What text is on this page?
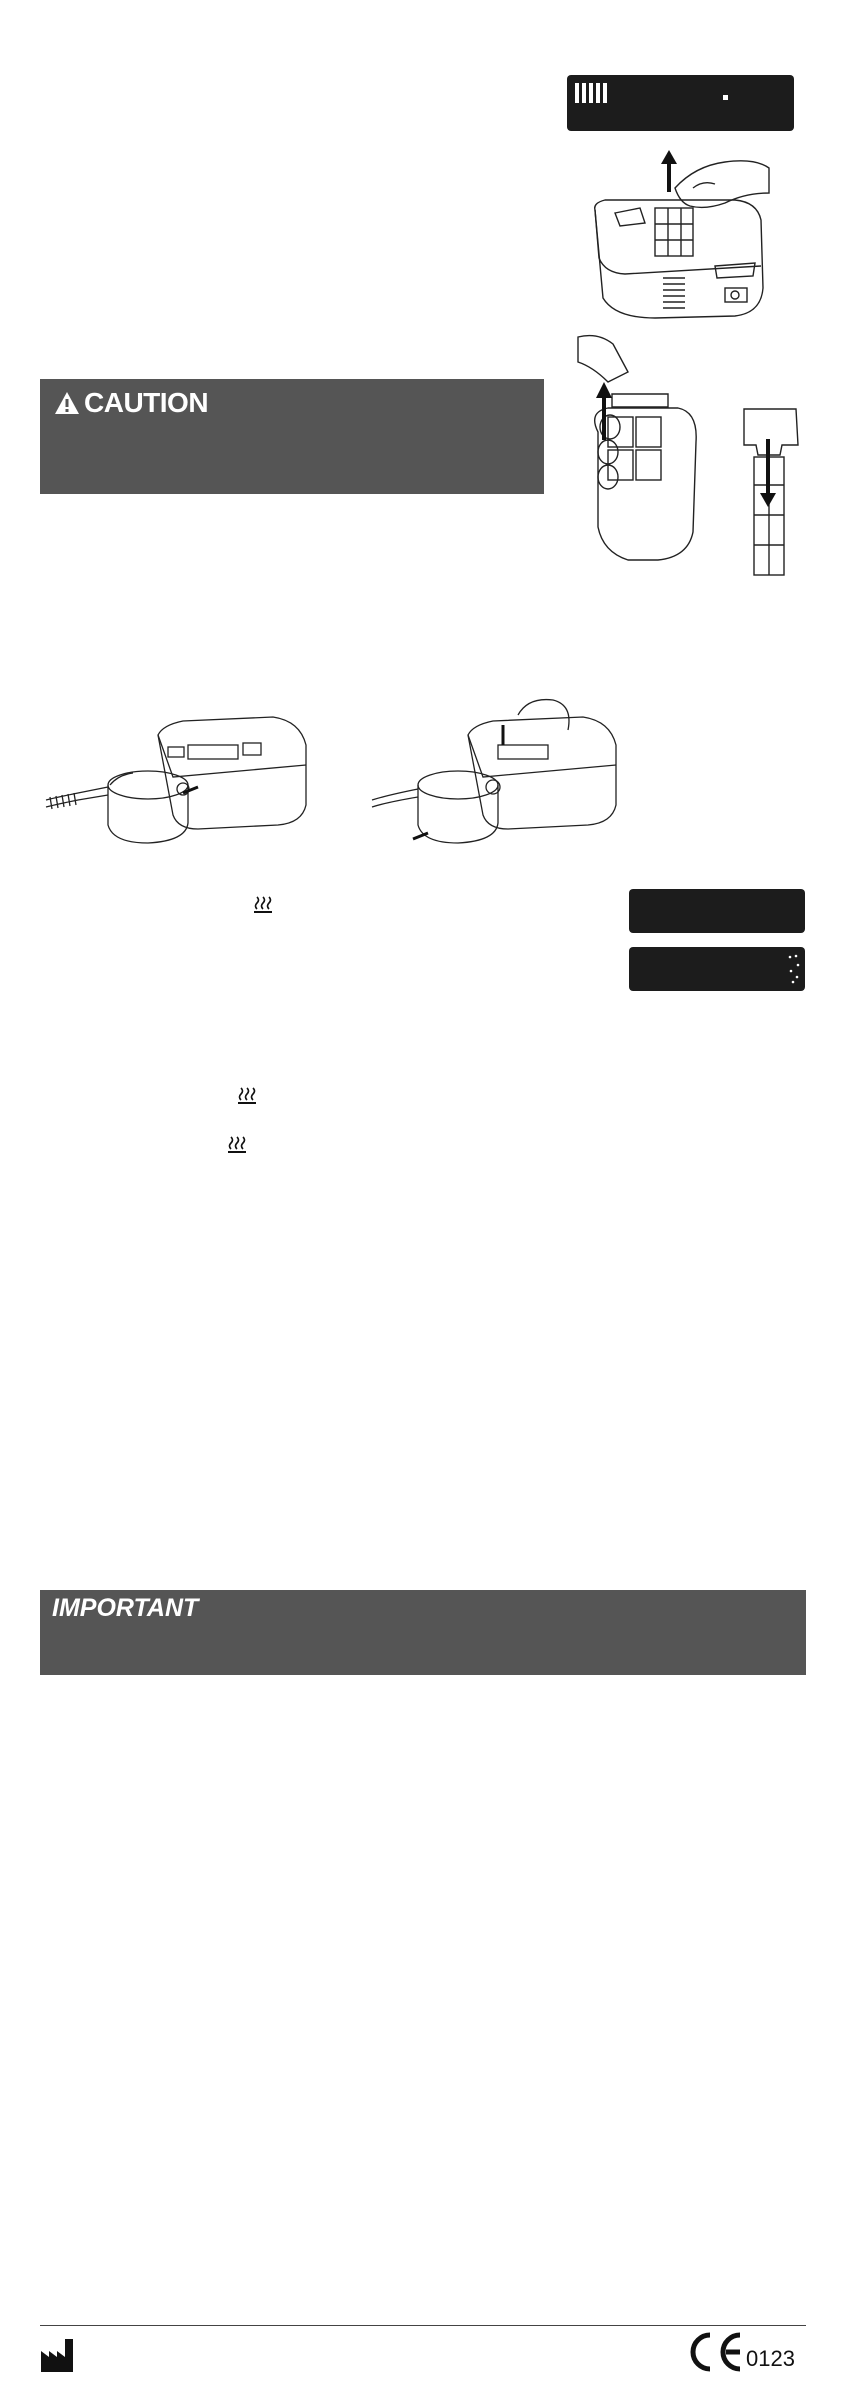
CAUTION
IMPORTANT
0123
